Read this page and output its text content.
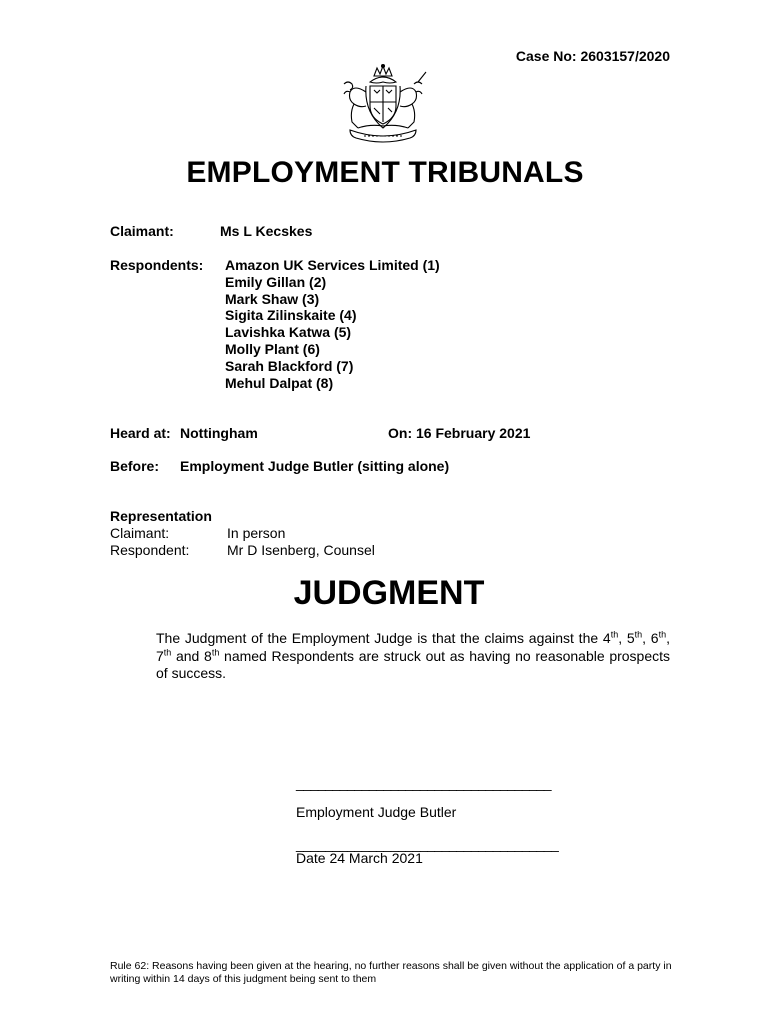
Case No: 2603157/2020
EMPLOYMENT TRIBUNALS
Claimant:	Ms L Kecskes
Respondents: Amazon UK Services Limited (1)
Emily Gillan (2)
Mark Shaw (3)
Sigita Zilinskaite (4)
Lavishka Katwa (5)
Molly Plant (6)
Sarah Blackford (7)
Mehul Dalpat (8)
Heard at: Nottingham	On: 16 February 2021
Before: Employment Judge Butler (sitting alone)
Representation
Claimant:	In person
Respondent:	Mr D Isenberg, Counsel
JUDGMENT
The Judgment of the Employment Judge is that the claims against the 4th, 5th, 6th, 7th and 8th named Respondents are struck out as having no reasonable prospects of success.
___________________________________
Employment Judge Butler
____________________________________
Date 24 March 2021
Rule 62: Reasons having been given at the hearing, no further reasons shall be given without the application of a party in writing within 14 days of this judgment being sent to them
